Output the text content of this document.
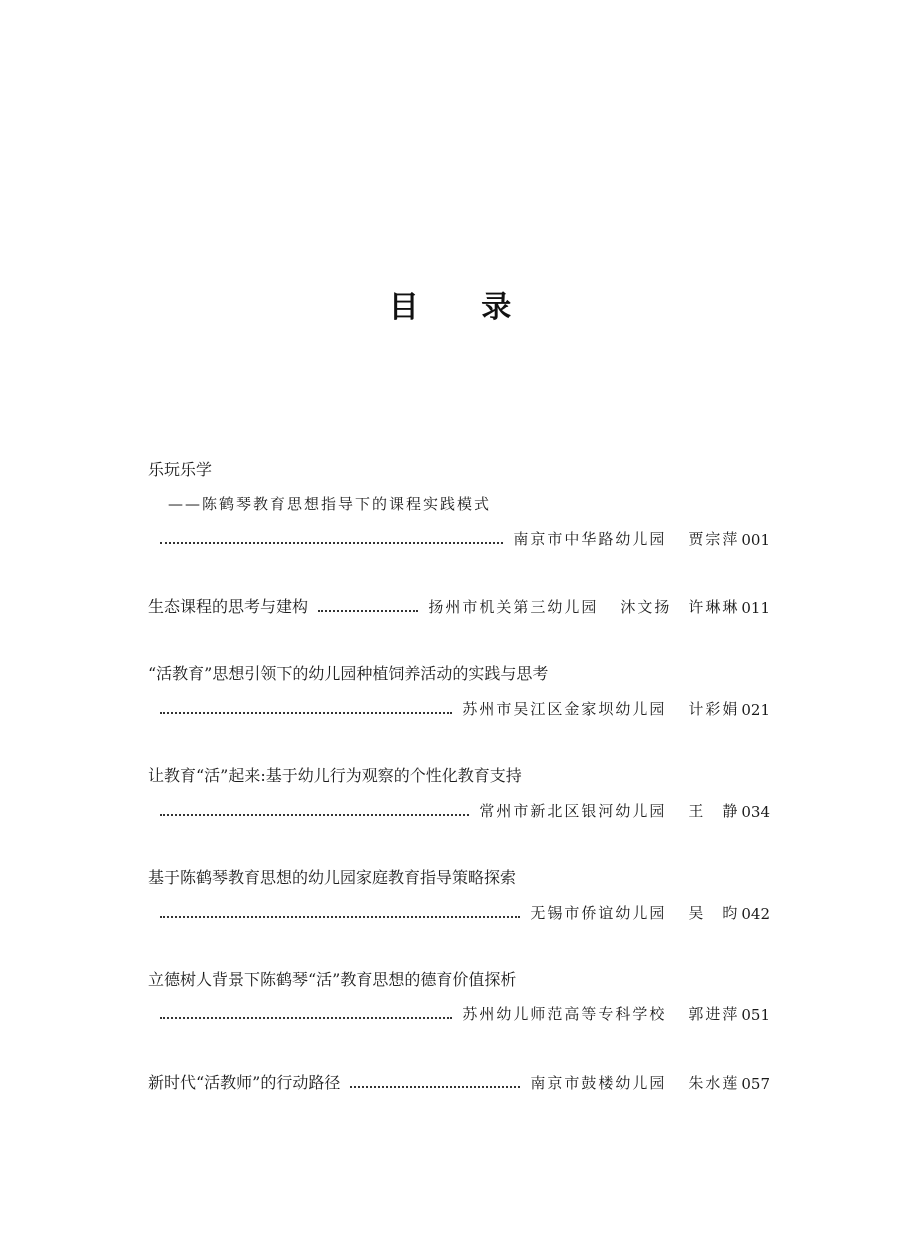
目 录
乐玩乐学
——陈鹤琴教育思想指导下的课程实践模式
南京市中华路幼儿园 贾宗萍 001
生态课程的思考与建构	扬州市机关第三幼儿园 沐文扬　许琳琳 011
“活教育”思想引领下的幼儿园种植饲养活动的实践与思考
苏州市吴江区金家坝幼儿园 计彩娟 021
让教育“活”起来:基于幼儿行为观察的个性化教育支持
常州市新北区银河幼儿园 王　静 034
基于陈鹤琴教育思想的幼儿园家庭教育指导策略探索
无锡市侨谊幼儿园 吴　昀 042
立德树人背景下陈鹤琴“活”教育思想的德育价值探析
苏州幼儿师范高等专科学校 郭进萍 051
新时代“活教师”的行动路径	南京市鼓楼幼儿园 朱水莲 057
